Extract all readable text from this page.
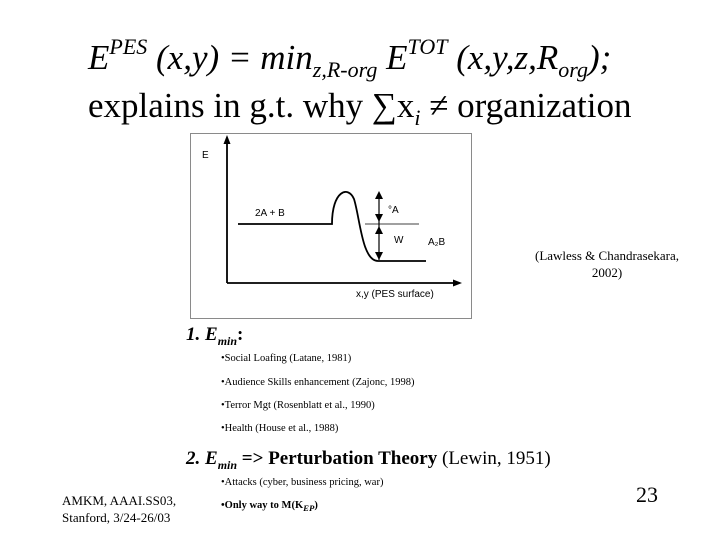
$E^{PES}$ $(x,y) = \min_{z,R-org} E^{TOT}$ $(x,y,z,R_{org})$;
explains in g.t. why $\sum x_i$ ≠ organization
E
x,y (PES surface)
2A + B	°A
W A₂B
(Lawless & Chandrasekara,
2002)
1. $E_{min}$:
•Social Loafing (Latane, 1981)
•Audience Skills enhancement (Zajonc, 1998)
•Terror Mgt (Rosenblatt et al., 1990)
•Health (House et al., 1988)
2. $E_{min}$ => Perturbation Theory (Lewin, 1951)
•Attacks (cyber, business pricing, war)
•Only way to $M(K_{EP})$
AMKM, AAAI.SS03,
Stanford, 3/24-26/03
23
